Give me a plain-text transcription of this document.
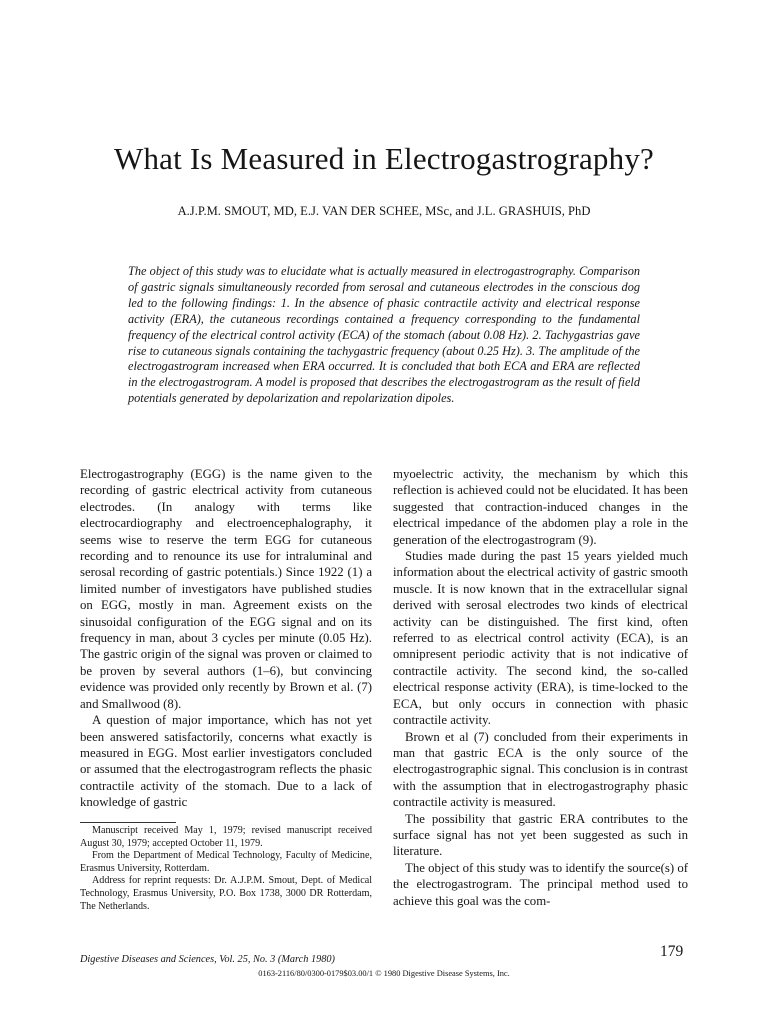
What Is Measured in Electrogastrography?
A.J.P.M. SMOUT, MD, E.J. VAN DER SCHEE, MSc, and J.L. GRASHUIS, PhD

The object of this study was to elucidate what is actually measured in electrogastrography. Comparison of gastric signals simultaneously recorded from serosal and cutaneous electrodes in the conscious dog led to the following findings: 1. In the absence of phasic contractile activity and electrical response activity (ERA), the cutaneous recordings contained a frequency corresponding to the fundamental frequency of the electrical control activity (ECA) of the stomach (about 0.08 Hz). 2. Tachygastrias gave rise to cutaneous signals containing the tachygastric frequency (about 0.25 Hz). 3. The amplitude of the electrogastrogram increased when ERA occurred. It is concluded that both ECA and ERA are reflected in the electrogastrogram. A model is proposed that describes the electrogastrogram as the result of field potentials generated by depolarization and repolarization dipoles.

Electrogastrography (EGG) is the name given to the recording of gastric electrical activity from cutaneous electrodes. (In analogy with terms like electrocardiography and electroencephalography, it seems wise to reserve the term EGG for cutaneous recording and to renounce its use for intraluminal and serosal recording of gastric potentials.) Since 1922 (1) a limited number of investigators have published studies on EGG, mostly in man. Agreement exists on the sinusoidal configuration of the EGG signal and on its frequency in man, about 3 cycles per minute (0.05 Hz). The gastric origin of the signal was proven or claimed to be proven by several authors (1–6), but convincing evidence was provided only recently by Brown et al. (7) and Smallwood (8).

A question of major importance, which has not yet been answered satisfactorily, concerns what exactly is measured in EGG. Most earlier investigators concluded or assumed that the electrogastrogram reflects the phasic contractile activity of the stomach. Due to a lack of knowledge of gastric

myoelectric activity, the mechanism by which this reflection is achieved could not be elucidated. It has been suggested that contraction-induced changes in the electrical impedance of the abdomen play a role in the generation of the electrogastrogram (9).

Studies made during the past 15 years yielded much information about the electrical activity of gastric smooth muscle. It is now known that in the extracellular signal derived with serosal electrodes two kinds of electrical activity can be distinguished. The first kind, often referred to as electrical control activity (ECA), is an omnipresent periodic activity that is not indicative of contractile activity. The second kind, the so-called electrical response activity (ERA), is time-locked to the ECA, but only occurs in connection with phasic contractile activity.

Brown et al (7) concluded from their experiments in man that gastric ECA is the only source of the electrogastrographic signal. This conclusion is in contrast with the assumption that in electrogastrography phasic contractile activity is measured.

The possibility that gastric ERA contributes to the surface signal has not yet been suggested as such in literature.

The object of this study was to identify the source(s) of the electrogastrogram. The principal method used to achieve this goal was the com-

Manuscript received May 1, 1979; revised manuscript received August 30, 1979; accepted October 11, 1979.

From the Department of Medical Technology, Faculty of Medicine, Erasmus University, Rotterdam.

Address for reprint requests: Dr. A.J.P.M. Smout, Dept. of Medical Technology, Erasmus University, P.O. Box 1738, 3000 DR Rotterdam, The Netherlands.

Digestive Diseases and Sciences, Vol. 25, No. 3 (March 1980)	179
0163-2116/80/0300-0179$03.00/1 © 1980 Digestive Disease Systems, Inc.
